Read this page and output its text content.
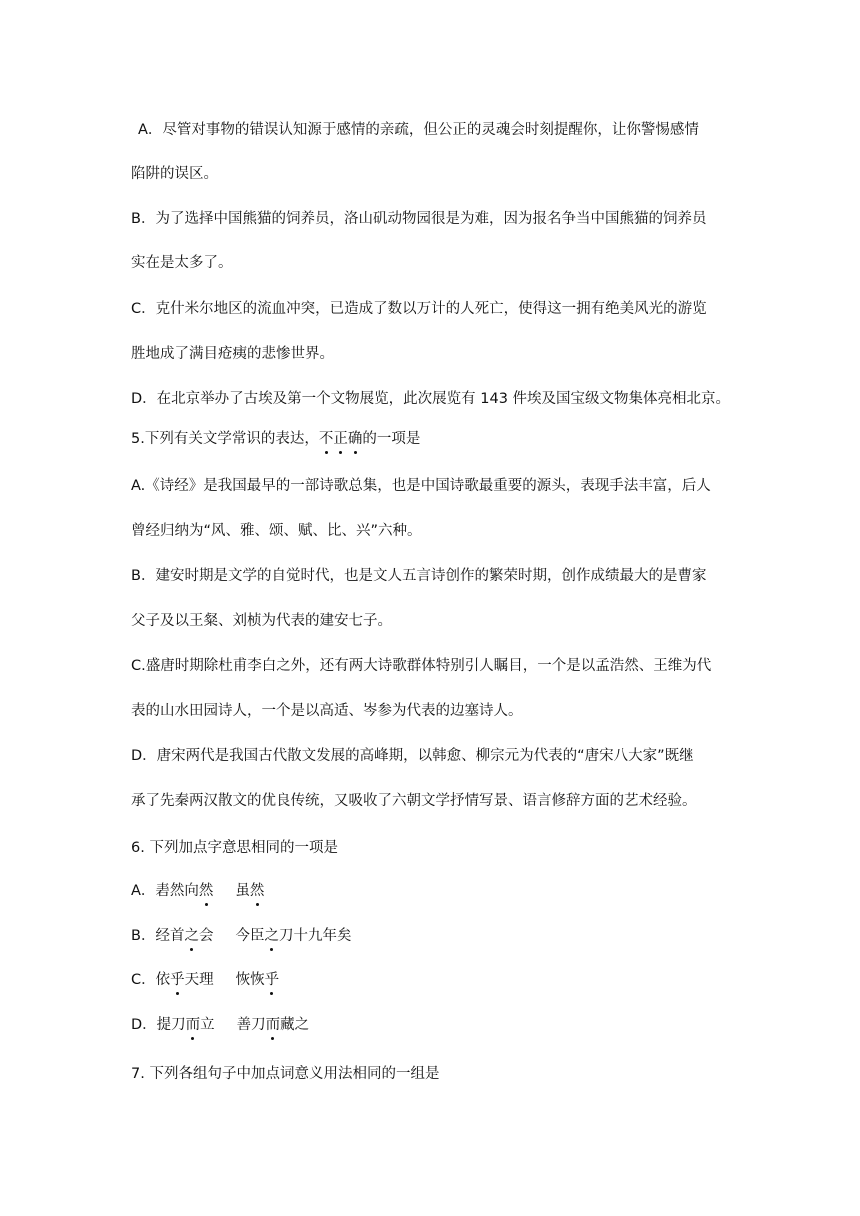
A．尽管对事物的错误认知源于感情的亲疏，但公正的灵魂会时刻提醒你，让你警惕感情
陷阱的误区。
B．为了选择中国熊猫的饲养员，洛山矶动物园很是为难，因为报名争当中国熊猫的饲养员
实在是太多了。
C．克什米尔地区的流血冲突，已造成了数以万计的人死亡，使得这一拥有绝美风光的游览
胜地成了满目疮痍的悲惨世界。
D．在北京举办了古埃及第一个文物展览，此次展览有 143 件埃及国宝级文物集体亮相北京。
5.下列有关文学常识的表达，不正确的一项是
A.《诗经》是我国最早的一部诗歌总集，也是中国诗歌最重要的源头，表现手法丰富，后人
曾经归纳为“风、雅、颂、赋、比、兴”六种。
B．建安时期是文学的自觉时代，也是文人五言诗创作的繁荣时期，创作成绩最大的是曹家
父子及以王粲、刘桢为代表的建安七子。
C.盛唐时期除杜甫李白之外，还有两大诗歌群体特别引人瞩目，一个是以孟浩然、王维为代
表的山水田园诗人，一个是以高适、岑参为代表的边塞诗人。
D．唐宋两代是我国古代散文发展的高峰期，以韩愈、柳宗元为代表的“唐宋八大家”既继
承了先秦两汉散文的优良传统，又吸收了六朝文学抒情写景、语言修辞方面的艺术经验。
6. 下列加点字意思相同的一项是
A．砉然向然 虽然
B．经首之会 今臣之刀十九年矣
C．依乎天理 恢恢乎
D．提刀而立 善刀而藏之
7. 下列各组句子中加点词意义用法相同的一组是
